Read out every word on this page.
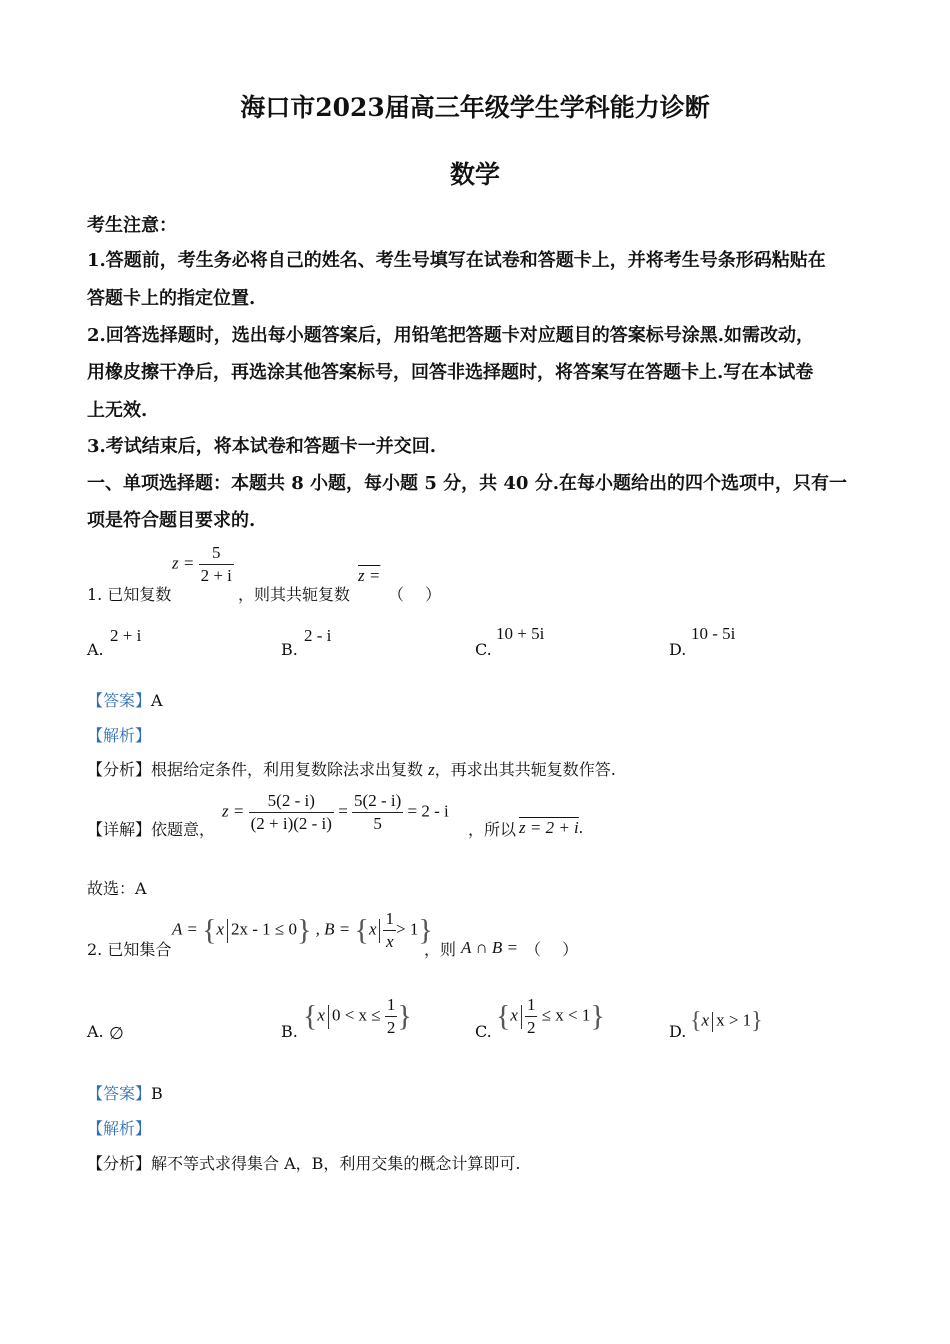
海口市2023届高三年级学生学科能力诊断
数学
考生注意：
1.答题前，考生务必将自己的姓名、考生号填写在试卷和答题卡上，并将考生号条形码粘贴在
答题卡上的指定位置.
2.回答选择题时，选出每小题答案后，用铅笔把答题卡对应题目的答案标号涂黑.如需改动，
用橡皮擦干净后，再选涂其他答案标号，回答非选择题时，将答案写在答题卡上.写在本试卷
上无效.
3.考试结束后，将本试卷和答题卡一并交回.
一、单项选择题：本题共 8 小题，每小题 5 分，共 40 分.在每小题给出的四个选项中，只有一
项是符合题目要求的.
1. 已知复数
$z = \frac{5}{2 + i}$
，则其共轭复数
z =
（　 ）
A.
2 + i
B.
2 - i
C.
10 + 5i
D.
10 - 5i
【答案】A
【解析】
【分析】根据给定条件，利用复数除法求出复数 z，再求出其共轭复数作答.
【详解】依题意，
$z = \frac{5(2 - i)}{(2 + i)(2 - i)} = \frac{5(2 - i)}{5} = 2 - i$
，所以 z = 2 + i.
故选：A
2. 已知集合
A = {x 2x - 1 ≤ 0} , $B = \{x \frac{1}{x} > 1\}$
，则 A ∩ B = （　 ）
A. ∅	B. {x $0 < x \le \frac{1}{2}$ }	C. $\{x \frac{1}{2} \le x < 1\}$	D. {x x > 1}
【答案】B
【解析】
【分析】解不等式求得集合 A，B，利用交集的概念计算即可.
